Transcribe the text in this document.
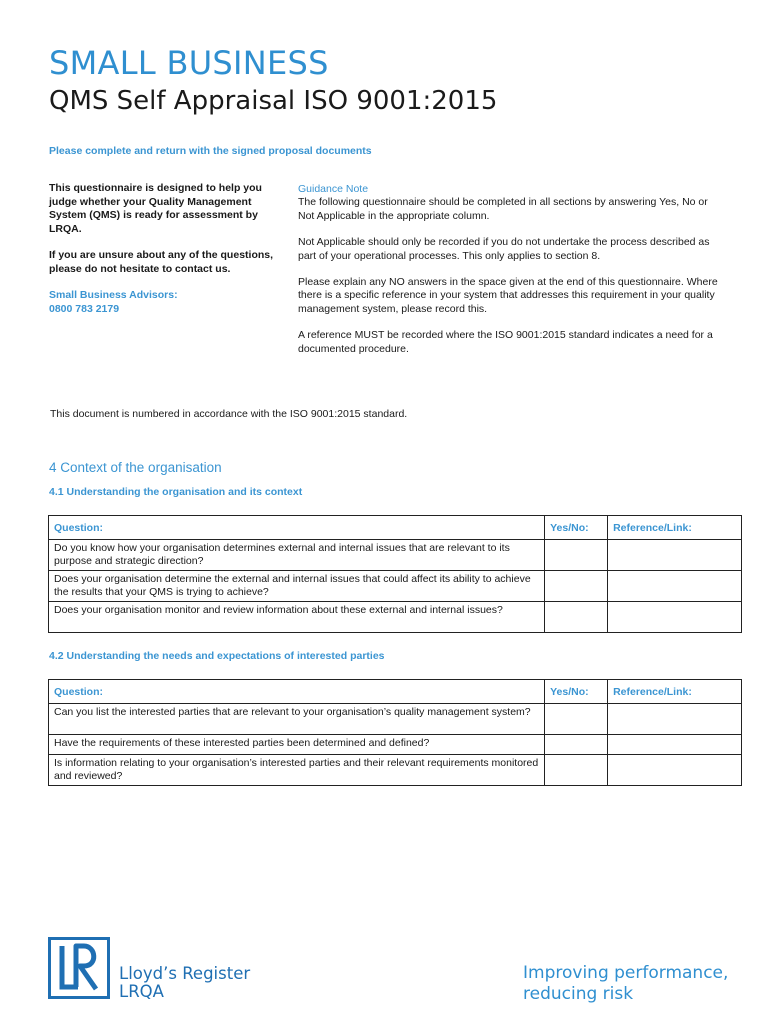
SMALL BUSINESS
QMS Self Appraisal ISO 9001:2015
Please complete and return with the signed proposal documents

This questionnaire is designed to help you judge whether your Quality Management System (QMS) is ready for assessment by LRQA.

If you are unsure about any of the questions, please do not hesitate to contact us.

Small Business Advisors:
0800 783 2179
Guidance Note

The following questionnaire should be completed in all sections by answering Yes, No or Not Applicable in the appropriate column.

Not Applicable should only be recorded if you do not undertake the process described as part of your operational processes. This only applies to section 8.

Please explain any NO answers in the space given at the end of this questionnaire. Where there is a specific reference in your system that addresses this requirement in your quality management system, please record this.

A reference MUST be recorded where the ISO 9001:2015 standard indicates a need for a documented procedure.

This document is numbered in accordance with the ISO 9001:2015 standard.
4 Context of the organisation
4.1 Understanding the organisation and its context
Question:	Yes/No:	Reference/Link:
Do you know how your organisation determines external and internal issues that are relevant to its purpose and strategic direction?		
Does your organisation determine the external and internal issues that could affect its ability to achieve the results that your QMS is trying to achieve?		
Does your organisation monitor and review information about these external and internal issues?		
4.2 Understanding the needs and expectations of interested parties
Question:	Yes/No:	Reference/Link:
Can you list the interested parties that are relevant to your organisation’s quality management system?		
Have the requirements of these interested parties been determined and defined?		
Is information relating to your organisation’s interested parties and their relevant requirements monitored and reviewed?		
Lloyd’s Register
LRQA
Improving performance,
reducing risk
